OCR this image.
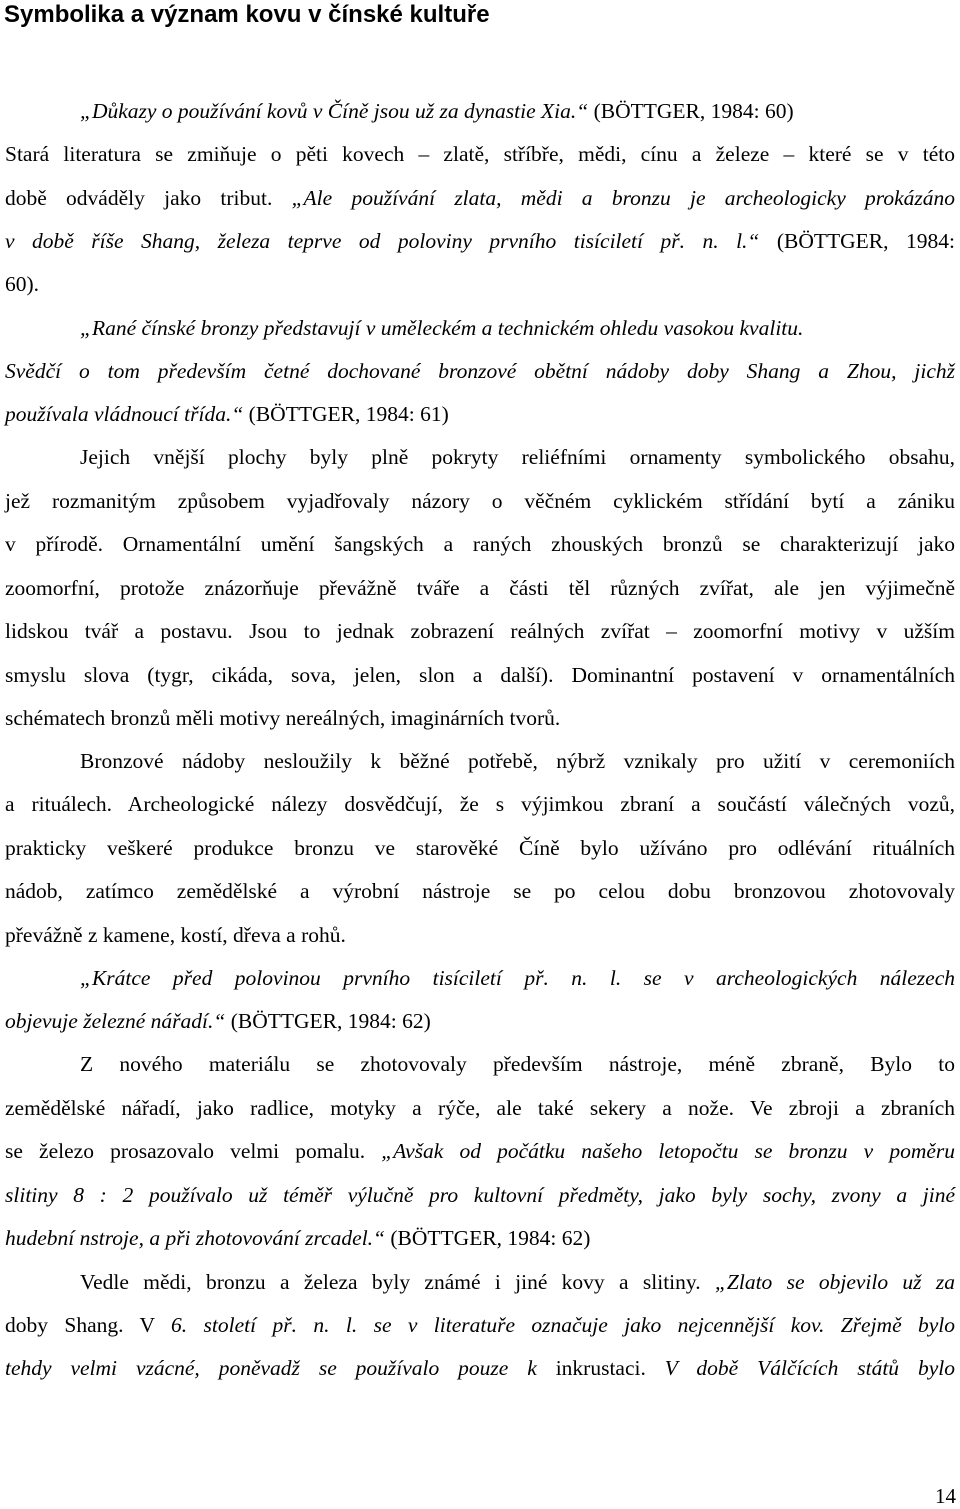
Symbolika a význam kovu v čínské kultuře
„Důkazy o používání kovů v Číně jsou už za dynastie Xia.“ (BÖTTGER, 1984: 60)
Stará literatura se zmiňuje o pěti kovech – zlatě, stříbře, mědi, cínu a železe – které se v této
době odváděly jako tribut. „Ale používání zlata, mědi a bronzu je archeologicky prokázáno
v době říše Shang, železa teprve od poloviny prvního tisíciletí př. n. l.“ (BÖTTGER, 1984:
60).
„Rané čínské bronzy představují v uměleckém a technickém ohledu vasokou kvalitu.
Svědčí o tom především četné dochované bronzové obětní nádoby doby Shang a Zhou, jichž
používala vládnoucí třída.“ (BÖTTGER, 1984: 61)
Jejich vnější plochy byly plně pokryty reliéfními ornamenty symbolického obsahu,
jež rozmanitým způsobem vyjadřovaly názory o věčném cyklickém střídání bytí a zániku
v přírodě. Ornamentální umění šangských a raných zhouských bronzů se charakterizují jako
zoomorfní, protože znázorňuje převážně tváře a části těl různých zvířat, ale jen výjimečně
lidskou tvář a postavu. Jsou to jednak zobrazení reálných zvířat – zoomorfní motivy v užším
smyslu slova (tygr, cikáda, sova, jelen, slon a další). Dominantní postavení v ornamentálních
schématech bronzů měli motivy nereálných, imaginárních tvorů.
Bronzové nádoby nesloužily k běžné potřebě, nýbrž vznikaly pro užití v ceremoniích
a rituálech. Archeologické nálezy dosvědčují, že s výjimkou zbraní a součástí válečných vozů,
prakticky veškeré produkce bronzu ve starověké Číně bylo užíváno pro odlévání rituálních
nádob, zatímco zemědělské a výrobní nástroje se po celou dobu bronzovou zhotovovaly
převážně z kamene, kostí, dřeva a rohů.
„Krátce před polovinou prvního tisíciletí př. n. l. se v archeologických nálezech
objevuje železné nářadí.“ (BÖTTGER, 1984: 62)
Z nového materiálu se zhotovovaly především nástroje, méně zbraně, Bylo to
zemědělské nářadí, jako radlice, motyky a rýče, ale také sekery a nože. Ve zbroji a zbraních
se železo prosazovalo velmi pomalu. „Avšak od počátku našeho letopočtu se bronzu v poměru
slitiny 8 : 2 používalo už téměř výlučně pro kultovní předměty, jako byly sochy, zvony a jiné
hudební nstroje, a při zhotovování zrcadel.“ (BÖTTGER, 1984: 62)
Vedle mědi, bronzu a železa byly známé i jiné kovy a slitiny. „Zlato se objevilo už za
doby Shang. V 6. století př. n. l. se v literatuře označuje jako nejcennější kov. Zřejmě bylo
tehdy velmi vzácné, poněvadž se používalo pouze k inkrustaci. V době Válčících států bylo
14
